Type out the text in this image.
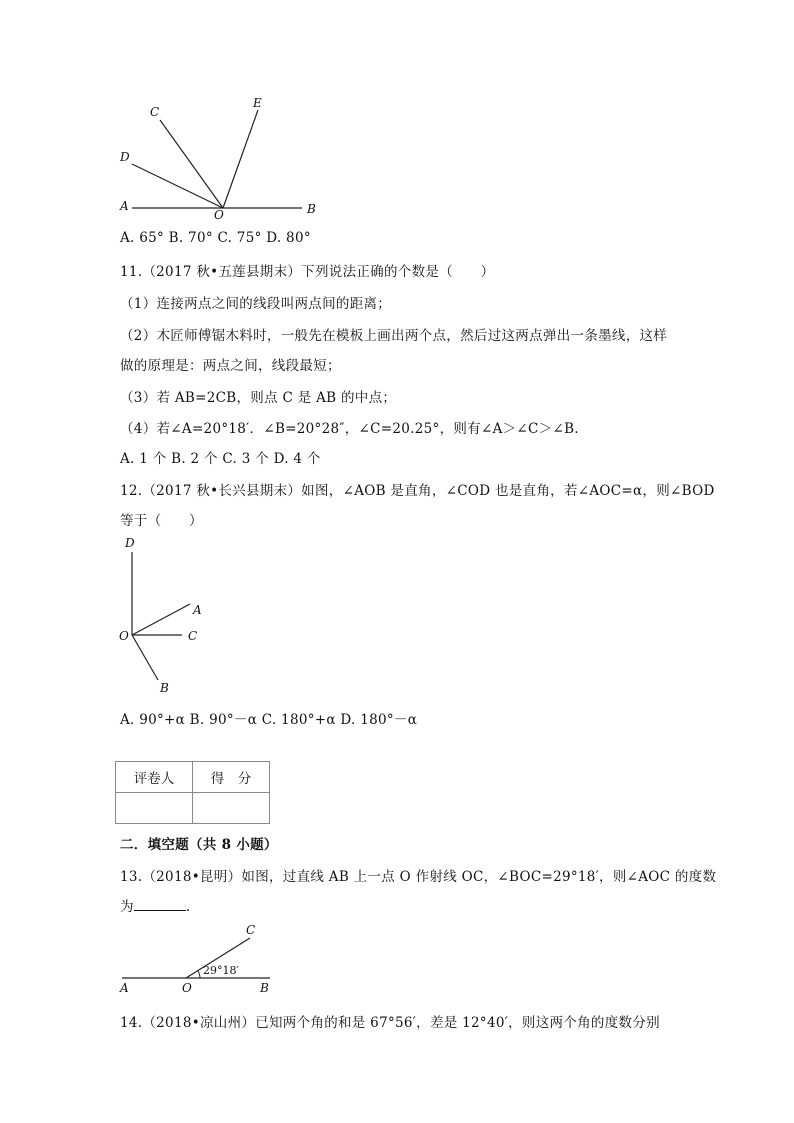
C
E
D
A
O	B
A. 65° B. 70° C. 75° D. 80°
11.（2017 秋•五莲县期末）下列说法正确的个数是（　　）
（1）连接两点之间的线段叫两点间的距离；
（2）木匠师傅锯木料时，一般先在模板上画出两个点，然后过这两点弹出一条墨线，这样
做的原理是：两点之间，线段最短；
（3）若 AB=2CB，则点 C 是 AB 的中点；
（4）若∠A=20°18′．∠B=20°28″，∠C=20.25°，则有∠A＞∠C＞∠B.
A. 1 个 B. 2 个 C. 3 个 D. 4 个
12.（2017 秋•长兴县期末）如图，∠AOB 是直角，∠COD 也是直角，若∠AOC=α，则∠BOD
等于（　　）
D
A
O	C
B
A. 90°+α B. 90°－α C. 180°+α D. 180°－α
评卷人	得　分

二．填空题（共 8 小题）
13.（2018•昆明）如图，过直线 AB 上一点 O 作射线 OC，∠BOC=29°18′，则∠AOC 的度数
为	.
C
29°18′
A	O	B
14.（2018•凉山州）已知两个角的和是 67°56′，差是 12°40′，则这两个角的度数分别
